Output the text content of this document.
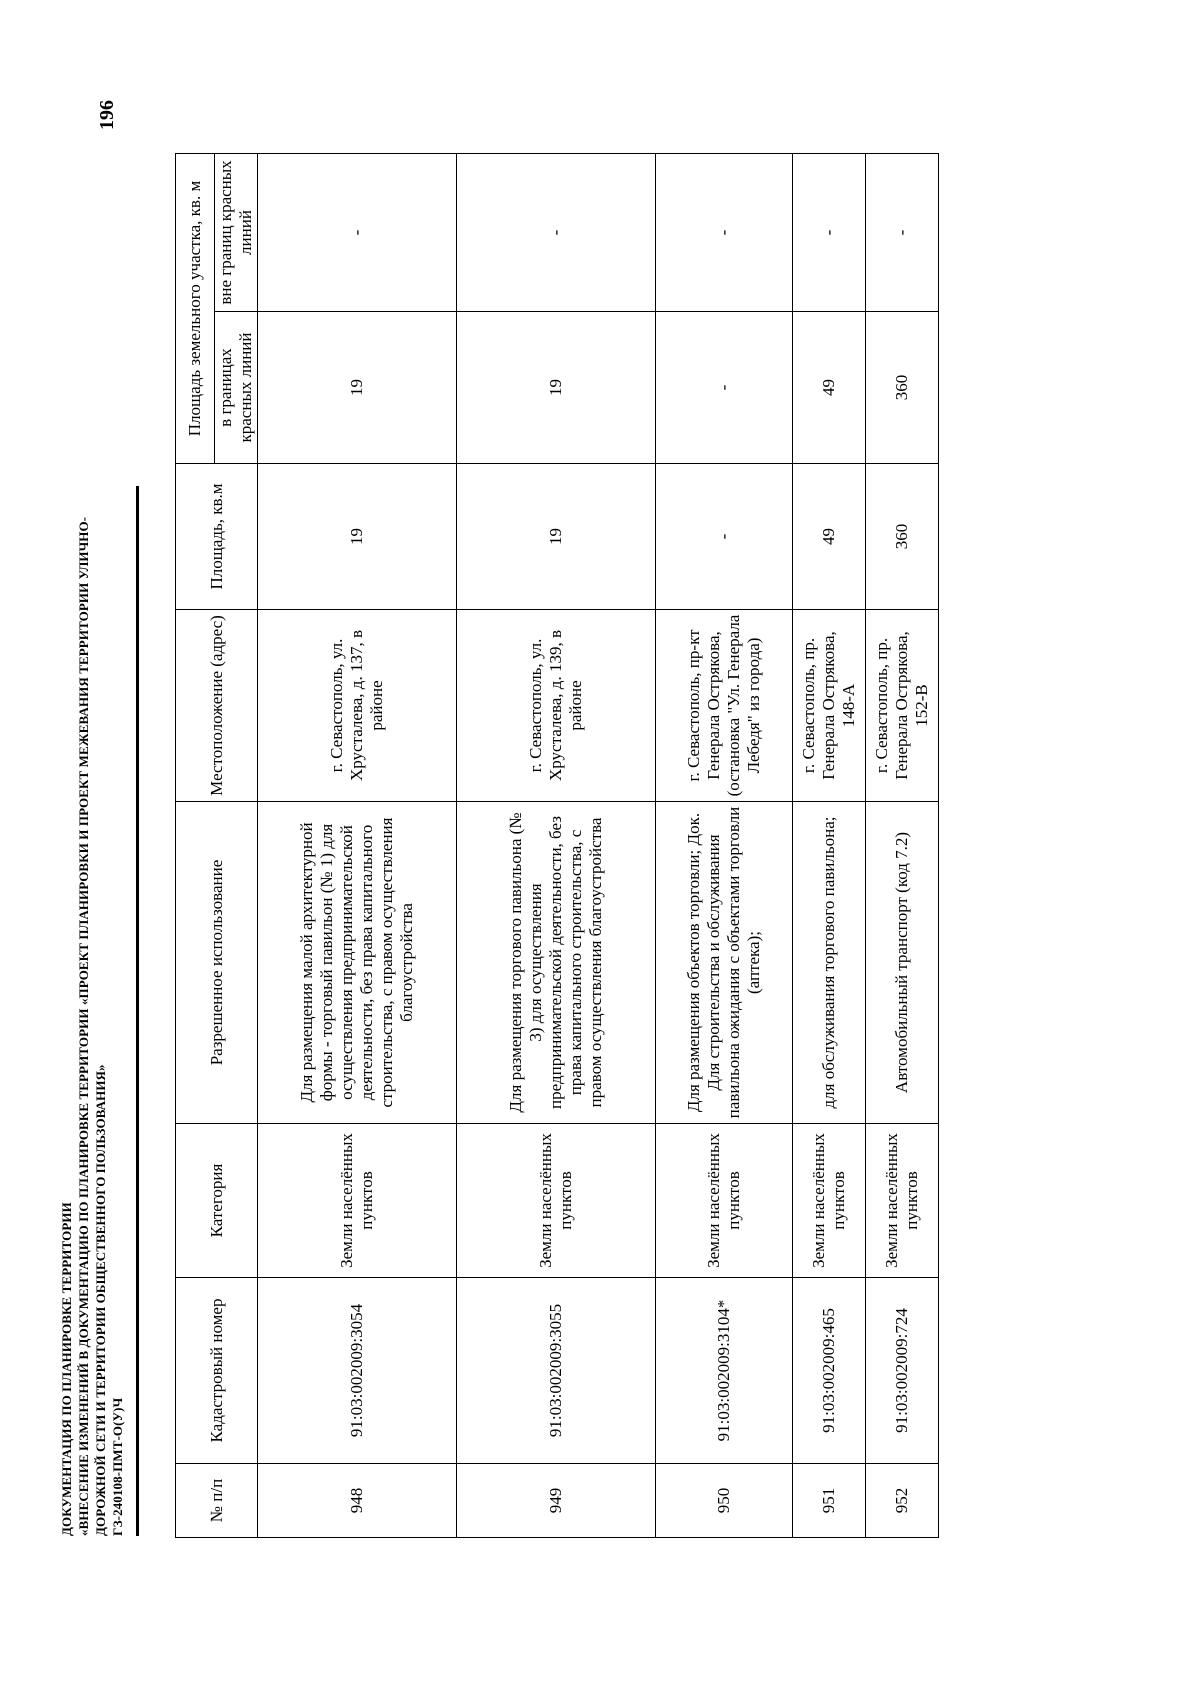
196
ДОКУМЕНТАЦИЯ ПО ПЛАНИРОВКЕ ТЕРРИТОРИИ «ВНЕСЕНИЕ ИЗМЕНЕНИЙ В ДОКУМЕНТАЦИЮ ПО ПЛАНИРОВКЕ ТЕРРИТОРИИ «ПРОЕКТ ПЛАНИРОВКИ И ПРОЕКТ МЕЖЕВАНИЯ ТЕРРИТОРИИ УЛИЧНО- ДОРОЖНОЙ СЕТИ И ТЕРРИТОРИИ ОБЩЕСТВЕННОГО ПОЛЬЗОВАНИЯ» ГЗ-240108-ПМТ-О(У)Ч	№ п/п	Кадастровый номер	Категория	Разрешенное использование	Местоположение (адрес)	Площадь, кв.м	Площадь земельного участка, кв. м	
						в границах красных линий	вне границ красных линий
948	91:03:002009:3054	Земли населённых пунктов	Для размещения малой архитектурной формы - торговый павильон (№ 1) для осуществления предпринимательской деятельности, без права капитального строительства, с правом осуществления благоустройства	г. Севастополь, ул. Хрусталева, д. 137, в районе	19	19	-
949	91:03:002009:3055	Земли населённых пунктов	Для размещения торгового павильона (№ 3) для осуществления предпринимательской деятельности, без права капитального строительства, с правом осуществления благоустройства	г. Севастополь, ул. Хрусталева, д. 139, в районе	19	19	-
950	91:03:002009:3104*	Земли населённых пунктов	Для размещения объектов торговли; Док. Для строительства и обслуживания павильона ожидания с объектами торговли (аптека);	г. Севастополь, пр-кт Генерала Острякова, (остановка "Ул. Генерала Лебедя" из города)	-	-	-
951	91:03:002009:465	Земли населённых пунктов	для обслуживания торгового павильона;	г. Севастополь, пр. Генерала Острякова, 148-А	49	49	-
952	91:03:002009:724	Земли населённых пунктов	Автомобильный транспорт (код 7.2)	г. Севастополь, пр. Генерала Острякова, 152-В	360	360	-
